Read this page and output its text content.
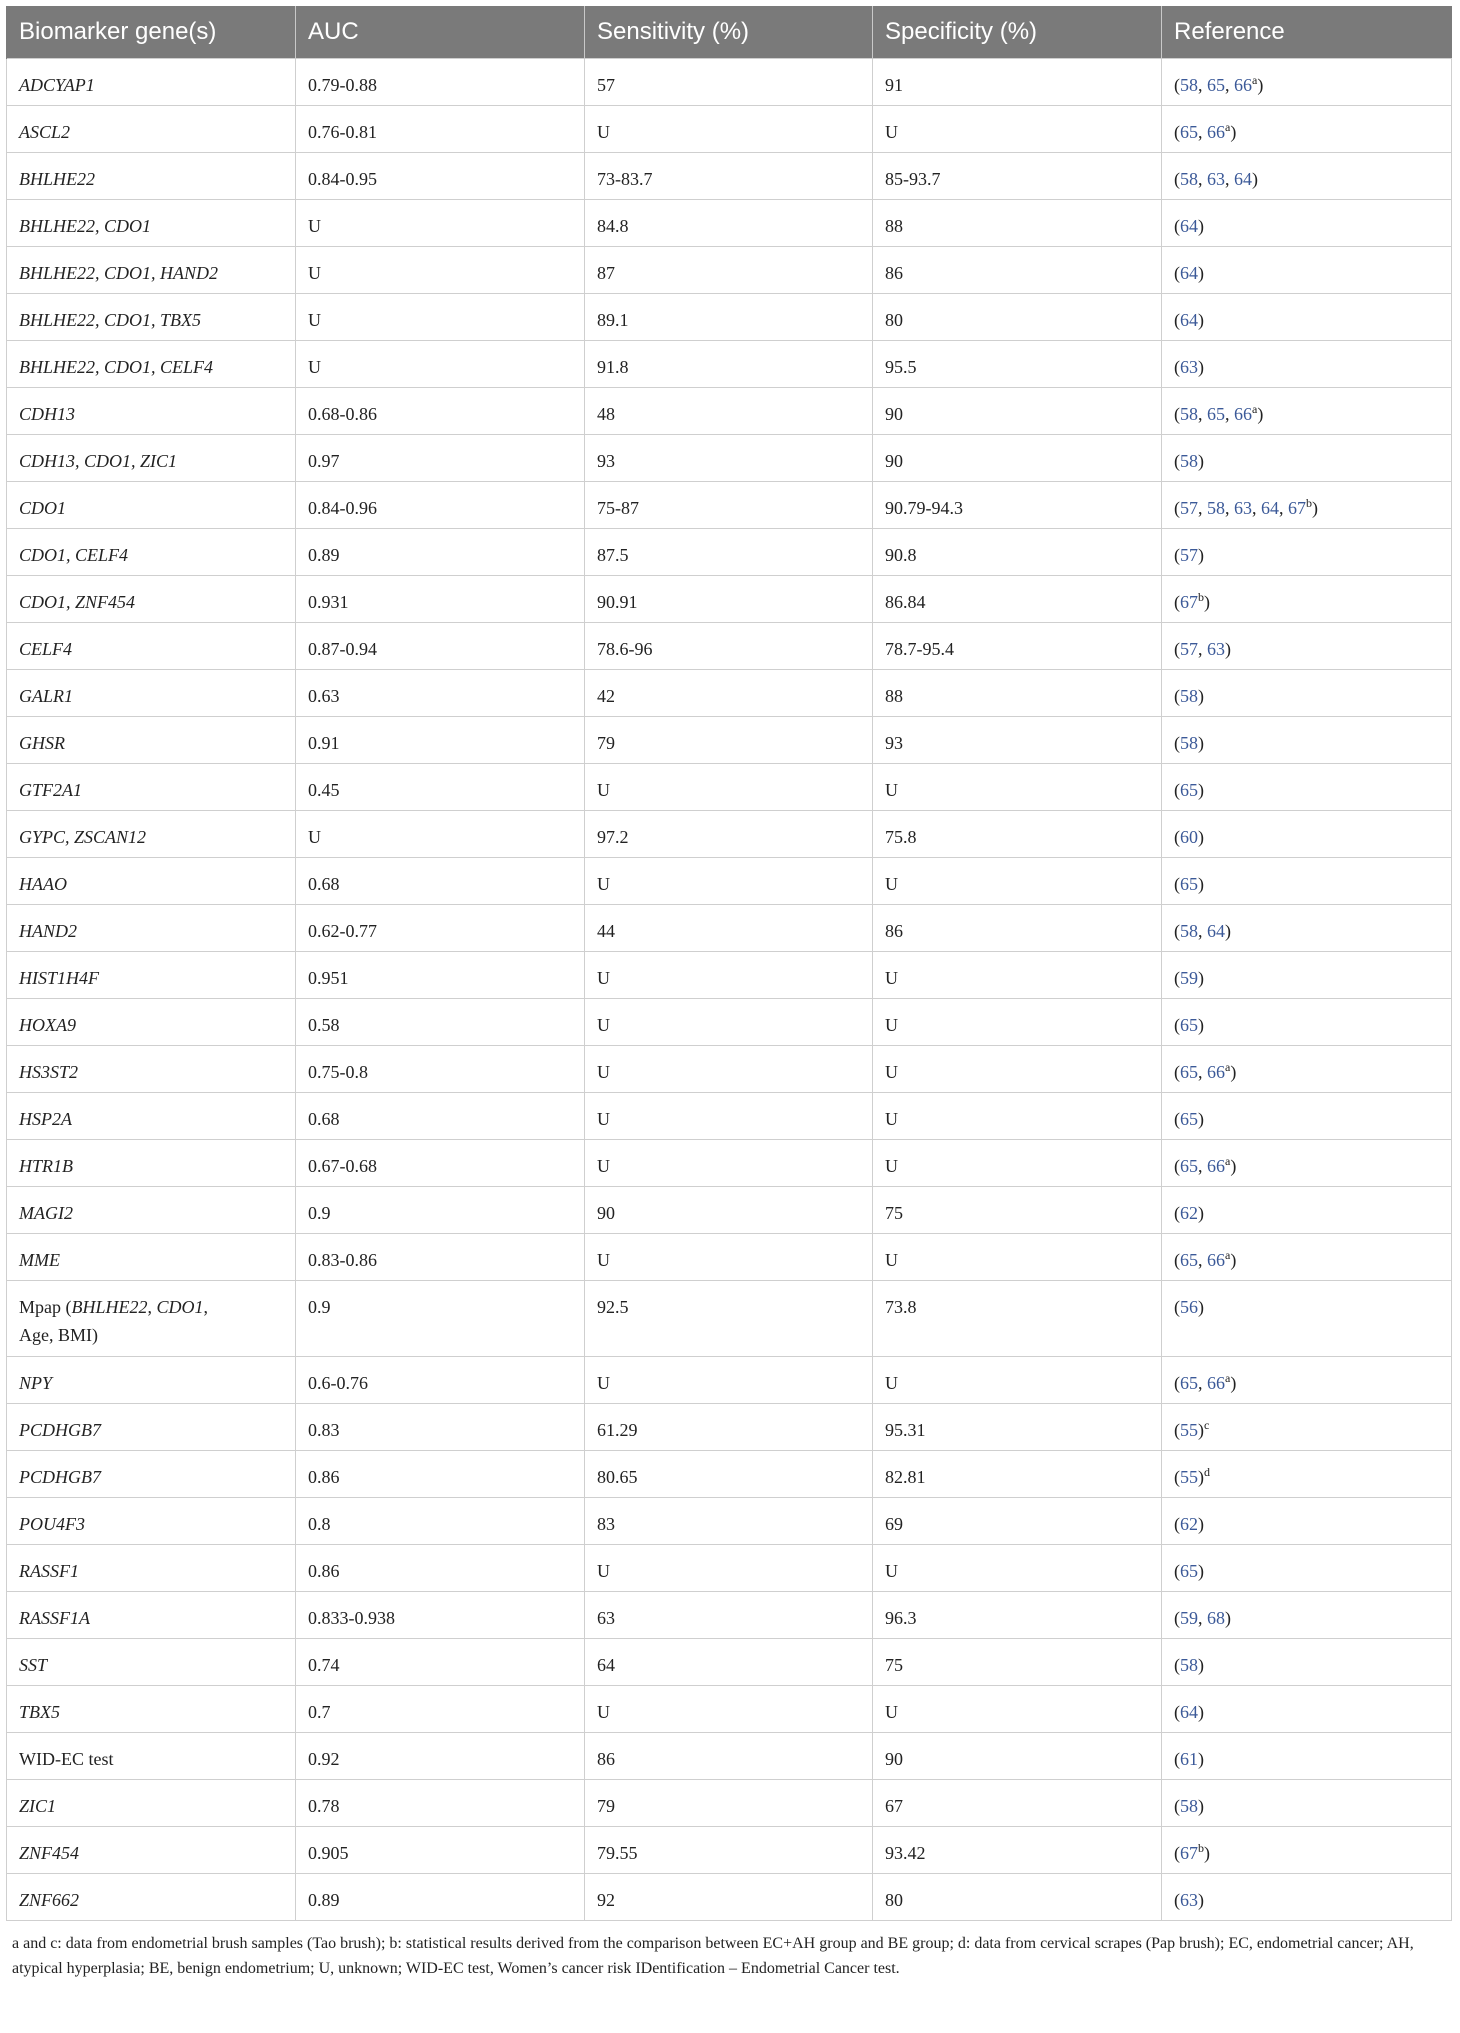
Biomarker gene(s)	AUC	Sensitivity (%)	Specificity (%)	Reference
ADCYAP1	0.79-0.88	57	91	(58, 65, 66$^a$)
ASCL2	0.76-0.81	U	U	(65, 66$^a$)
BHLHE22	0.84-0.95	73-83.7	85-93.7	(58, 63, 64)
BHLHE22, CDO1	U	84.8	88	(64)
BHLHE22, CDO1, HAND2	U	87	86	(64)
BHLHE22, CDO1, TBX5	U	89.1	80	(64)
BHLHE22, CDO1, CELF4	U	91.8	95.5	(63)
CDH13	0.68-0.86	48	90	(58, 65, 66$^a$)
CDH13, CDO1, ZIC1	0.97	93	90	(58)
CDO1	0.84-0.96	75-87	90.79-94.3	(57, 58, 63, 64, 67$^b$)
CDO1, CELF4	0.89	87.5	90.8	(57)
CDO1, ZNF454	0.931	90.91	86.84	(67$^b$)
CELF4	0.87-0.94	78.6-96	78.7-95.4	(57, 63)
GALR1	0.63	42	88	(58)
GHSR	0.91	79	93	(58)
GTF2A1	0.45	U	U	(65)
GYPC, ZSCAN12	U	97.2	75.8	(60)
HAAO	0.68	U	U	(65)
HAND2	0.62-0.77	44	86	(58, 64)
HIST1H4F	0.951	U	U	(59)
HOXA9	0.58	U	U	(65)
HS3ST2	0.75-0.8	U	U	(65, 66$^a$)
HSP2A	0.68	U	U	(65)
HTR1B	0.67-0.68	U	U	(65, 66$^a$)
MAGI2	0.9	90	75	(62)
MME	0.83-0.86	U	U	(65, 66$^a$)
Mpap (BHLHE22, CDO1,
Age, BMI)	0.9	92.5	73.8	(56)
NPY	0.6-0.76	U	U	(65, 66$^a$)
PCDHGB7	0.83	61.29	95.31	$(55)^c$
PCDHGB7	0.86	80.65	82.81	$(55)^d$
POU4F3	0.8	83	69	(62)
RASSF1	0.86	U	U	(65)
RASSF1A	0.833-0.938	63	96.3	(59, 68)
SST	0.74	64	75	(58)
TBX5	0.7	U	U	(64)
WID-EC test	0.92	86	90	(61)
ZIC1	0.78	79	67	(58)
ZNF454	0.905	79.55	93.42	(67$^b$)
ZNF662	0.89	92	80	(63)
a and c: data from endometrial brush samples (Tao brush); b: statistical results derived from the comparison between EC+AH group and BE group; d: data from cervical scrapes (Pap brush); EC, endometrial cancer; AH, atypical hyperplasia; BE, benign endometrium; U, unknown; WID-EC test, Women’s cancer risk IDentification – Endometrial Cancer test.
